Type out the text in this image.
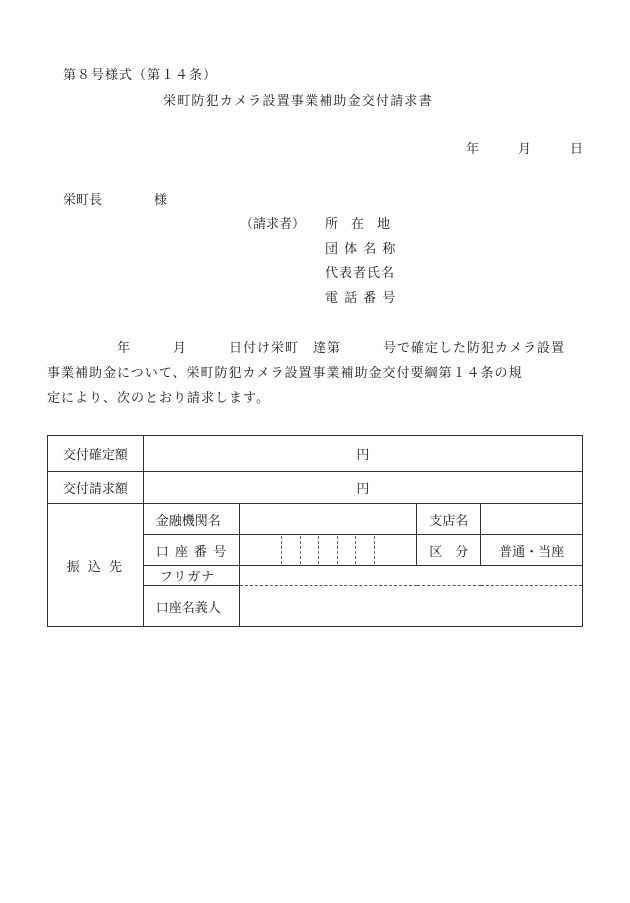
第８号様式（第１４条）
栄町防犯カメラ設置事業補助金交付請求書
年　　　月　　　日
栄町長　　　　様
（請求者） 所　在　地
団 体 名 称
代表者氏名
電 話 番 号
　　　　　年　　　月　　　日付け栄町　達第　　　号で確定した防犯カメラ設置
事業補助金について、栄町防犯カメラ設置事業補助金交付要綱第１４条の規
定により、次のとおり請求します。
交付確定額	円			
交付請求額	円			
振 込 先	金融機関名		支店名	
	口 座 番 号		区　分	普通・当座
	フリガナ			
	口座名義人			
